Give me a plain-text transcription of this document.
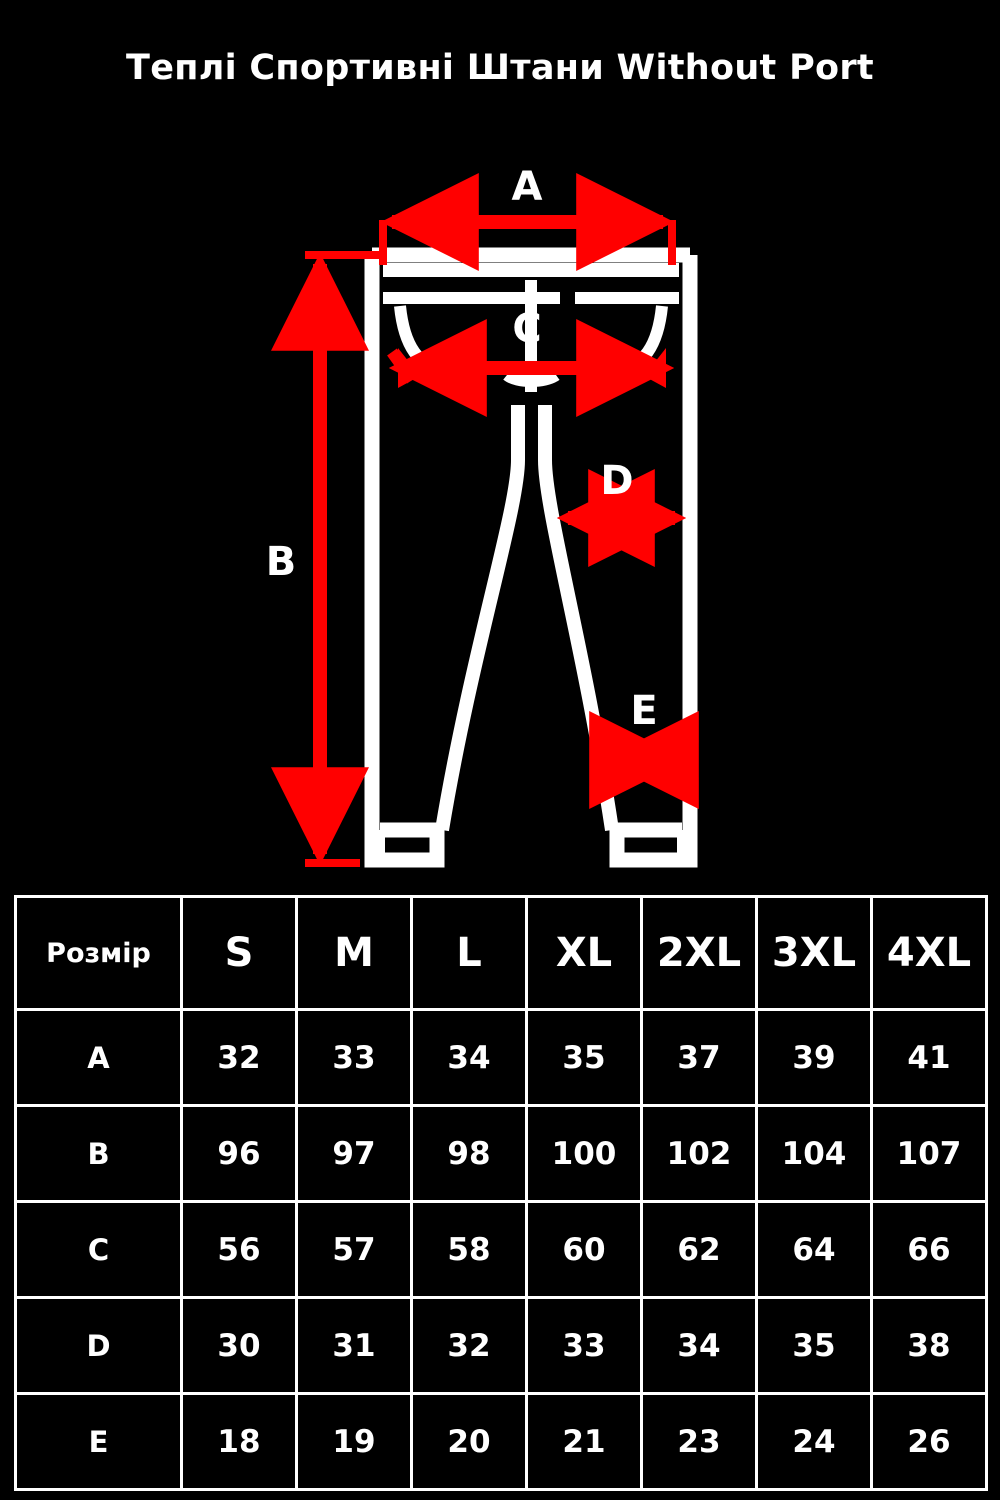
Теплі Спортивні Штани Without Port
A
B
C
D
E
Розмір	S	M	L	XL	2XL	3XL	4XL
A	32	33	34	35	37	39	41
B	96	97	98	100	102	104	107
C	56	57	58	60	62	64	66
D	30	31	32	33	34	35	38
E	18	19	20	21	23	24	26
